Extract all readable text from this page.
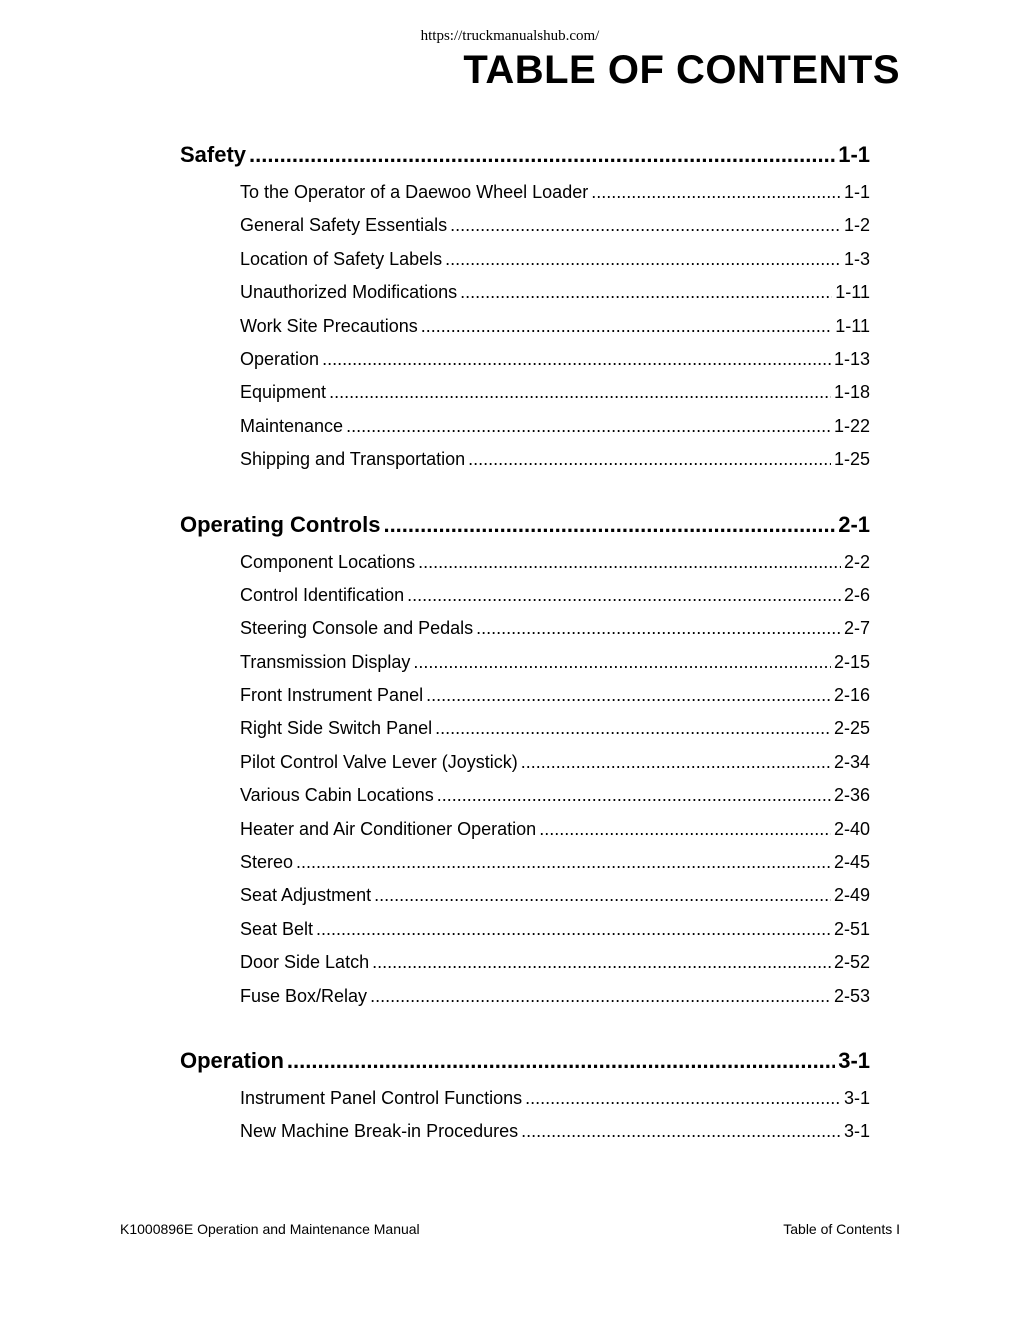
https://truckmanualshub.com/
TABLE OF CONTENTS
Safety .....	1-1
To the Operator of a Daewoo Wheel Loader .....	1-1
General Safety Essentials .....	1-2
Location of Safety Labels .....	1-3
Unauthorized Modifications .....	1-11
Work Site Precautions .....	1-11
Operation .....	1-13
Equipment .....	1-18
Maintenance .....	1-22
Shipping and Transportation .....	1-25
Operating Controls .....	2-1
Component Locations .....	2-2
Control Identification .....	2-6
Steering Console and Pedals .....	2-7
Transmission Display .....	2-15
Front Instrument Panel .....	2-16
Right Side Switch Panel .....	2-25
Pilot Control Valve Lever (Joystick) .....	2-34
Various Cabin Locations .....	2-36
Heater and Air Conditioner Operation .....	2-40
Stereo .....	2-45
Seat Adjustment .....	2-49
Seat Belt .....	2-51
Door Side Latch .....	2-52
Fuse Box/Relay .....	2-53
Operation .....	3-1
Instrument Panel Control Functions .....	3-1
New Machine Break-in Procedures .....	3-1
K1000896E Operation and Maintenance Manual	Table of Contents I
